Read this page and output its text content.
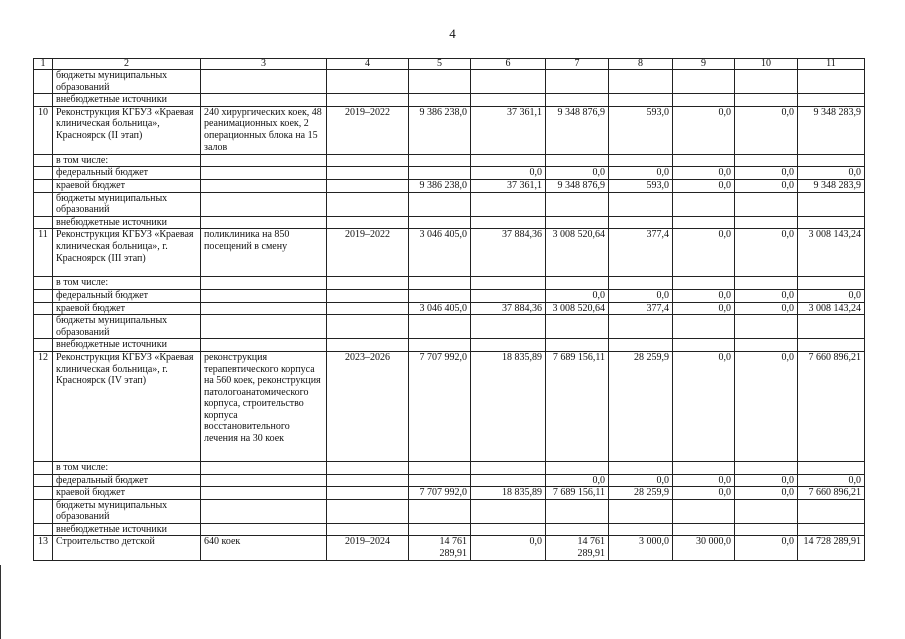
4
1	2	3	4	5	6	7	8	9	10	11
	бюджеты муниципальных образований									
	внебюджетные источники									
10	Реконструкция КГБУЗ «Краевая клиническая больница», Красноярск (II этап)	240 хирургических коек, 48 реанимационных коек, 2 операционных блока на 15 залов	2019–2022	9 386 238,0	37 361,1	9 348 876,9	593,0	0,0	0,0	9 348 283,9
	в том числе:									
	федеральный бюджет				0,0	0,0	0,0	0,0	0,0	0,0
	краевой бюджет			9 386 238,0	37 361,1	9 348 876,9	593,0	0,0	0,0	9 348 283,9
	бюджеты муниципальных образований									
	внебюджетные источники									
11	Реконструкция КГБУЗ «Краевая клиническая больница», г. Красноярск (III этап)	поликлиника на 850 посещений в смену	2019–2022	3 046 405,0	37 884,36	3 008 520,64	377,4	0,0	0,0	3 008 143,24
	в том числе:									
	федеральный бюджет					0,0	0,0	0,0	0,0	0,0
	краевой бюджет			3 046 405,0	37 884,36	3 008 520,64	377,4	0,0	0,0	3 008 143,24
	бюджеты муниципальных образований									
	внебюджетные источники									
12	Реконструкция КГБУЗ «Краевая клиническая больница», г. Красноярск (IV этап)	реконструкция терапевтического корпуса на 560 коек, реконструкция патологоанатомического корпуса, строительство корпуса восстановительного лечения на 30 коек	2023–2026	7 707 992,0	18 835,89	7 689 156,11	28 259,9	0,0	0,0	7 660 896,21
	в том числе:									
	федеральный бюджет					0,0	0,0	0,0	0,0	0,0
	краевой бюджет			7 707 992,0	18 835,89	7 689 156,11	28 259,9	0,0	0,0	7 660 896,21
	бюджеты муниципальных образований									
	внебюджетные источники									
13	Строительство детской	640 коек	2019–2024	14 761 289,91	0,0	14 761 289,91	3 000,0	30 000,0	0,0	14 728 289,91
